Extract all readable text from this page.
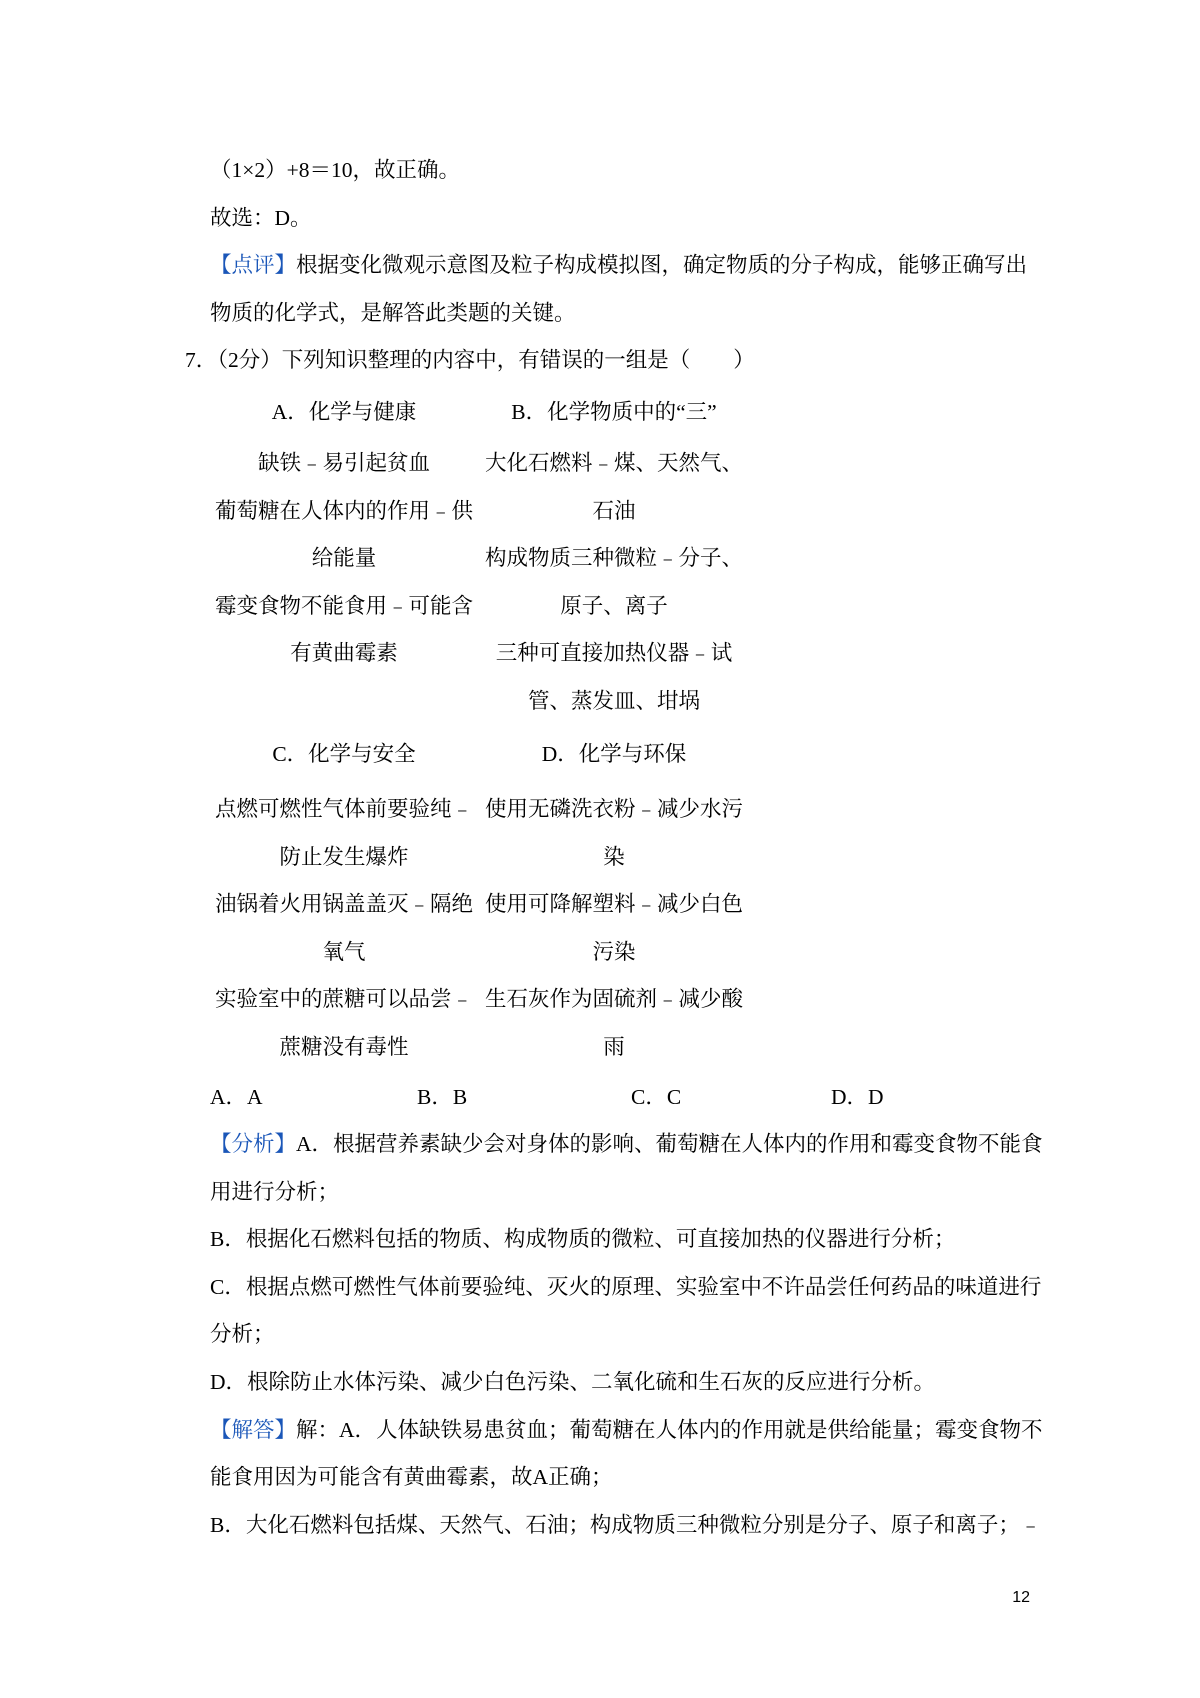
（1×2）+8＝10，故正确。
故选：D。
【点评】根据变化微观示意图及粒子构成模拟图，确定物质的分子构成，能够正确写出
物质的化学式，是解答此类题的关键。
7．（2分）下列知识整理的内容中，有错误的一组是（　　）
A．化学与健康	B．化学物质中的“三”
缺铁﹣易引起贫血
葡萄糖在人体内的作用﹣供
给能量
霉变食物不能食用﹣可能含
有黄曲霉素
大化石燃料﹣煤、天然气、
石油
构成物质三种微粒﹣分子、
原子、离子
三种可直接加热仪器﹣试
管、蒸发皿、坩埚
C．化学与安全	D．化学与环保
点燃可燃性气体前要验纯﹣
防止发生爆炸
油锅着火用锅盖盖灭﹣隔绝
氧气
实验室中的蔗糖可以品尝﹣
蔗糖没有毒性
使用无磷洗衣粉﹣减少水污
染
使用可降解塑料﹣减少白色
污染
生石灰作为固硫剂﹣减少酸
雨
A．A	B．B	C．C	D．D
【分析】A．根据营养素缺少会对身体的影响、葡萄糖在人体内的作用和霉变食物不能食
用进行分析；
B．根据化石燃料包括的物质、构成物质的微粒、可直接加热的仪器进行分析；
C．根据点燃可燃性气体前要验纯、灭火的原理、实验室中不许品尝任何药品的味道进行
分析；
D．根除防止水体污染、减少白色污染、二氧化硫和生石灰的反应进行分析。
【解答】解：A．人体缺铁易患贫血；葡萄糖在人体内的作用就是供给能量；霉变食物不
能食用因为可能含有黄曲霉素，故A正确；
B．大化石燃料包括煤、天然气、石油；构成物质三种微粒分别是分子、原子和离子；﹣
12
